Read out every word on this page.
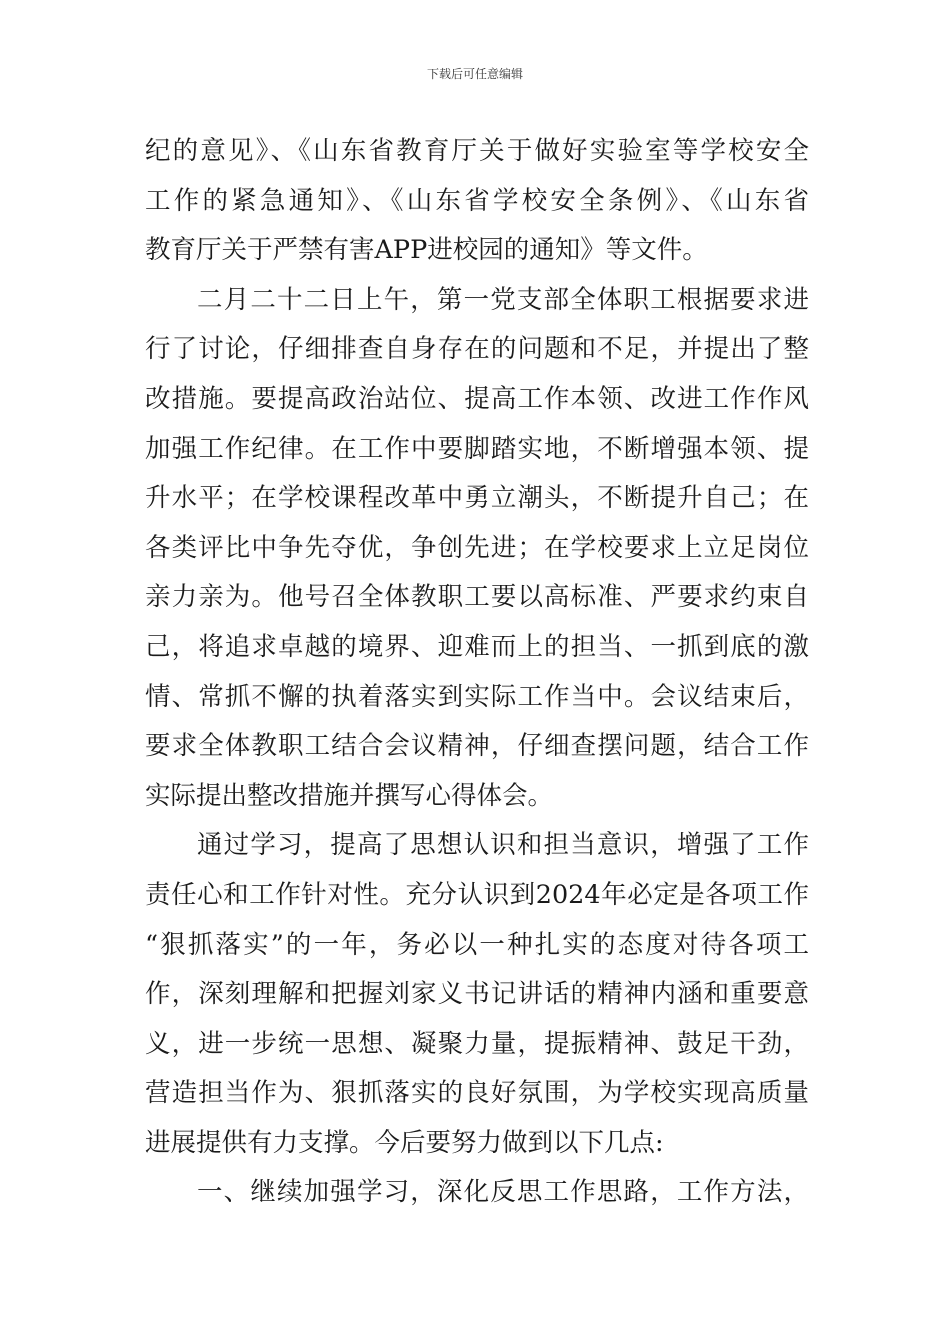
下载后可任意编辑
纪的意见》、《山东省教育厅关于做好实验室等学校安全
工作的紧急通知》、《山东省学校安全条例》、《山东省
教育厅关于严禁有害APP进校园的通知》等文件。
二月二十二日上午，第一党支部全体职工根据要求进
行了讨论，仔细排查自身存在的问题和不足，并提出了整
改措施。要提高政治站位、提高工作本领、改进工作作风
加强工作纪律。在工作中要脚踏实地，不断增强本领、提
升水平；在学校课程改革中勇立潮头，不断提升自己；在
各类评比中争先夺优，争创先进；在学校要求上立足岗位
亲力亲为。他号召全体教职工要以高标准、严要求约束自
己，将追求卓越的境界、迎难而上的担当、一抓到底的激
情、常抓不懈的执着落实到实际工作当中。会议结束后，
要求全体教职工结合会议精神，仔细查摆问题，结合工作
实际提出整改措施并撰写心得体会。
通过学习，提高了思想认识和担当意识，增强了工作
责任心和工作针对性。充分认识到2024年必定是各项工作
“狠抓落实”的一年，务必以一种扎实的态度对待各项工
作，深刻理解和把握刘家义书记讲话的精神内涵和重要意
义，进一步统一思想、凝聚力量，提振精神、鼓足干劲，
营造担当作为、狠抓落实的良好氛围，为学校实现高质量
进展提供有力支撑。今后要努力做到以下几点:
一、继续加强学习，深化反思工作思路，工作方法，
